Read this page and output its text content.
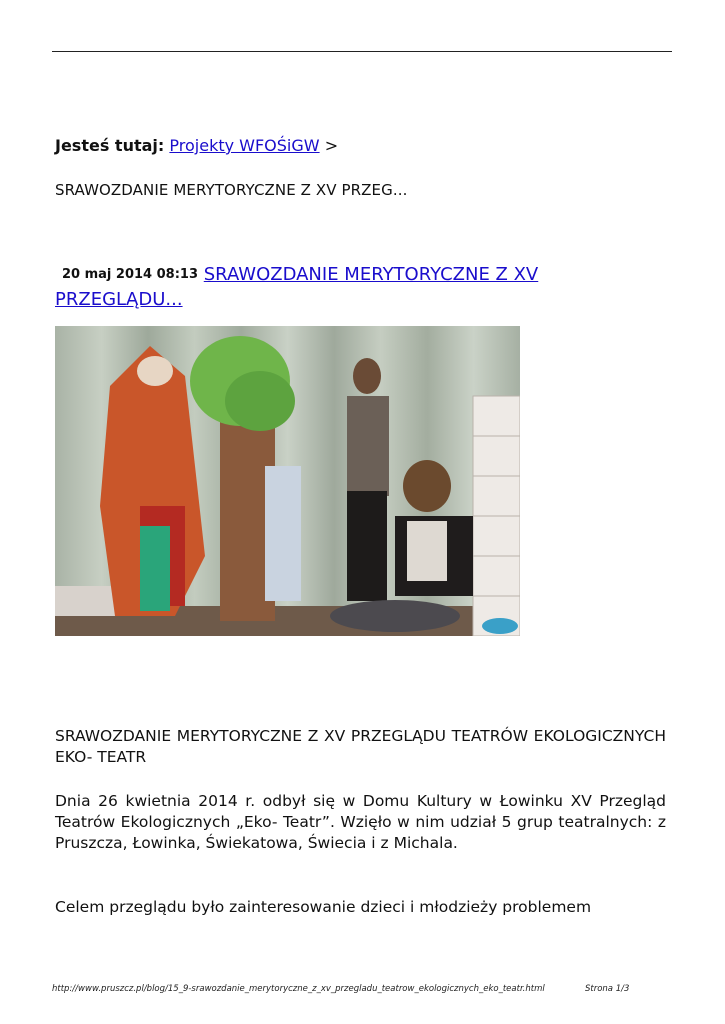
Jesteś tutaj: Projekty WFOŚiGW >
SRAWOZDANIE MERYTORYCZNE Z XV PRZEG...
20 maj 2014 08:13 SRAWOZDANIE MERYTORYCZNE Z XV PRZEGLĄDU...
SRAWOZDANIE MERYTORYCZNE Z XV PRZEGLĄDU TEATRÓW EKOLOGICZNYCH EKO- TEATR
Dnia 26 kwietnia 2014 r. odbył się w Domu Kultury w Łowinku XV Przegląd Teatrów Ekologicznych „Eko- Teatr”. Wzięło w nim udział 5 grup teatralnych: z Pruszcza, Łowinka, Świekatowa, Świecia i z Michala.
Celem przeglądu było zainteresowanie dzieci i młodzieży problemem
http://www.pruszcz.pl/blog/15_9-srawozdanie_merytoryczne_z_xv_przegladu_teatrow_ekologicznych_eko_teatr.html	Strona 1/3
